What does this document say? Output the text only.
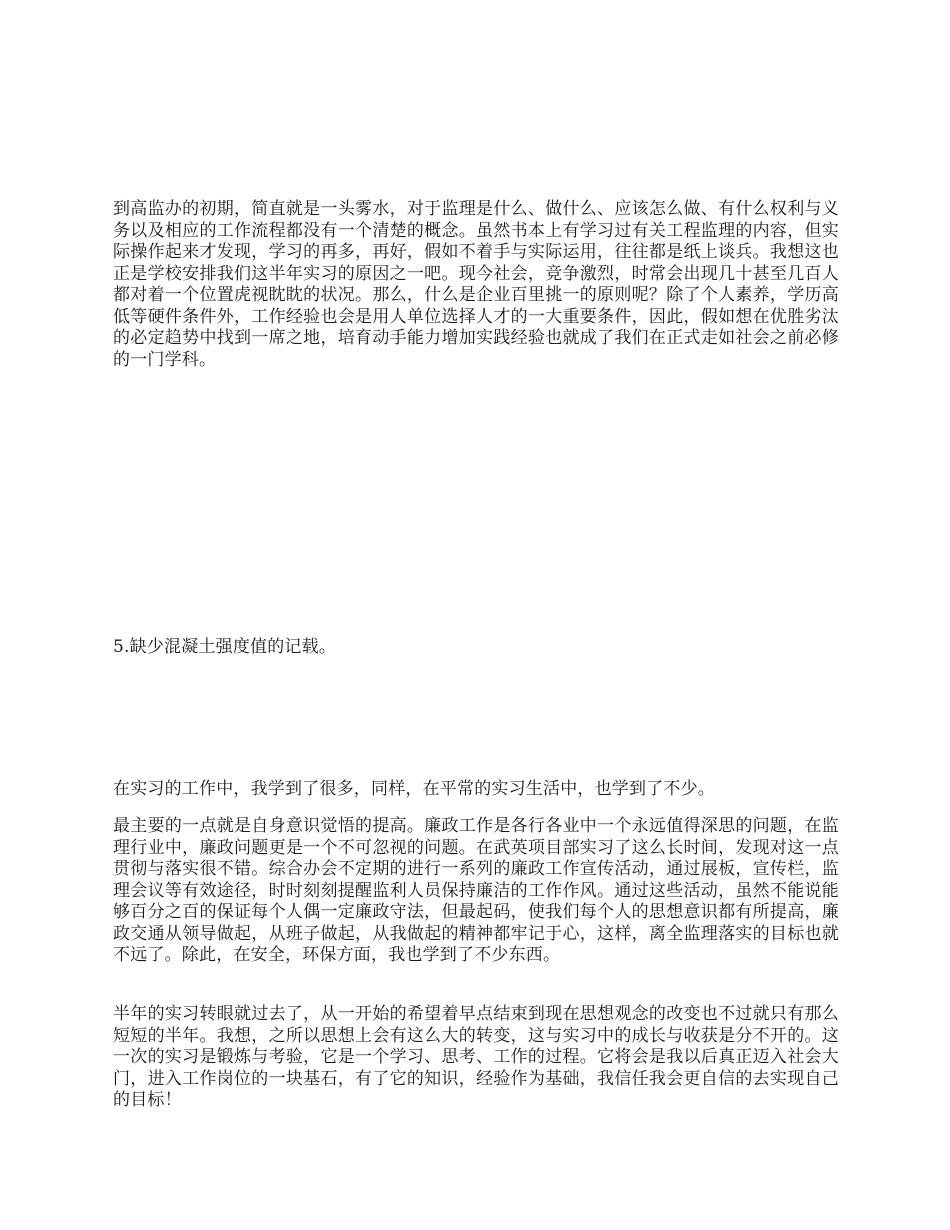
到高监办的初期，简直就是一头雾水，对于监理是什么、做什么、应该怎么做、有什么权利与义务以及相应的工作流程都没有一个清楚的概念。虽然书本上有学习过有关工程监理的内容，但实际操作起来才发现，学习的再多，再好，假如不着手与实际运用，往往都是纸上谈兵。我想这也正是学校安排我们这半年实习的原因之一吧。现今社会，竞争激烈，时常会出现几十甚至几百人都对着一个位置虎视眈眈的状况。那么，什么是企业百里挑一的原则呢？除了个人素养，学历高低等硬件条件外，工作经验也会是用人单位选择人才的一大重要条件，因此，假如想在优胜劣汰的必定趋势中找到一席之地，培育动手能力增加实践经验也就成了我们在正式走如社会之前必修的一门学科。

5.缺少混凝土强度值的记载。

在实习的工作中，我学到了很多，同样，在平常的实习生活中，也学到了不少。

最主要的一点就是自身意识觉悟的提高。廉政工作是各行各业中一个永远值得深思的问题，在监理行业中，廉政问题更是一个不可忽视的问题。在武英项目部实习了这么长时间，发现对这一点贯彻与落实很不错。综合办会不定期的进行一系列的廉政工作宣传活动，通过展板，宣传栏，监理会议等有效途径，时时刻刻提醒监利人员保持廉洁的工作作风。通过这些活动，虽然不能说能够百分之百的保证每个人偶一定廉政守法，但最起码，使我们每个人的思想意识都有所提高，廉政交通从领导做起，从班子做起，从我做起的精神都牢记于心，这样，离全监理落实的目标也就不远了。除此，在安全，环保方面，我也学到了不少东西。

半年的实习转眼就过去了，从一开始的希望着早点结束到现在思想观念的改变也不过就只有那么短短的半年。我想，之所以思想上会有这么大的转变，这与实习中的成长与收获是分不开的。这一次的实习是锻炼与考验，它是一个学习、思考、工作的过程。它将会是我以后真正迈入社会大门，进入工作岗位的一块基石，有了它的知识，经验作为基础，我信任我会更自信的去实现自己的目标！
